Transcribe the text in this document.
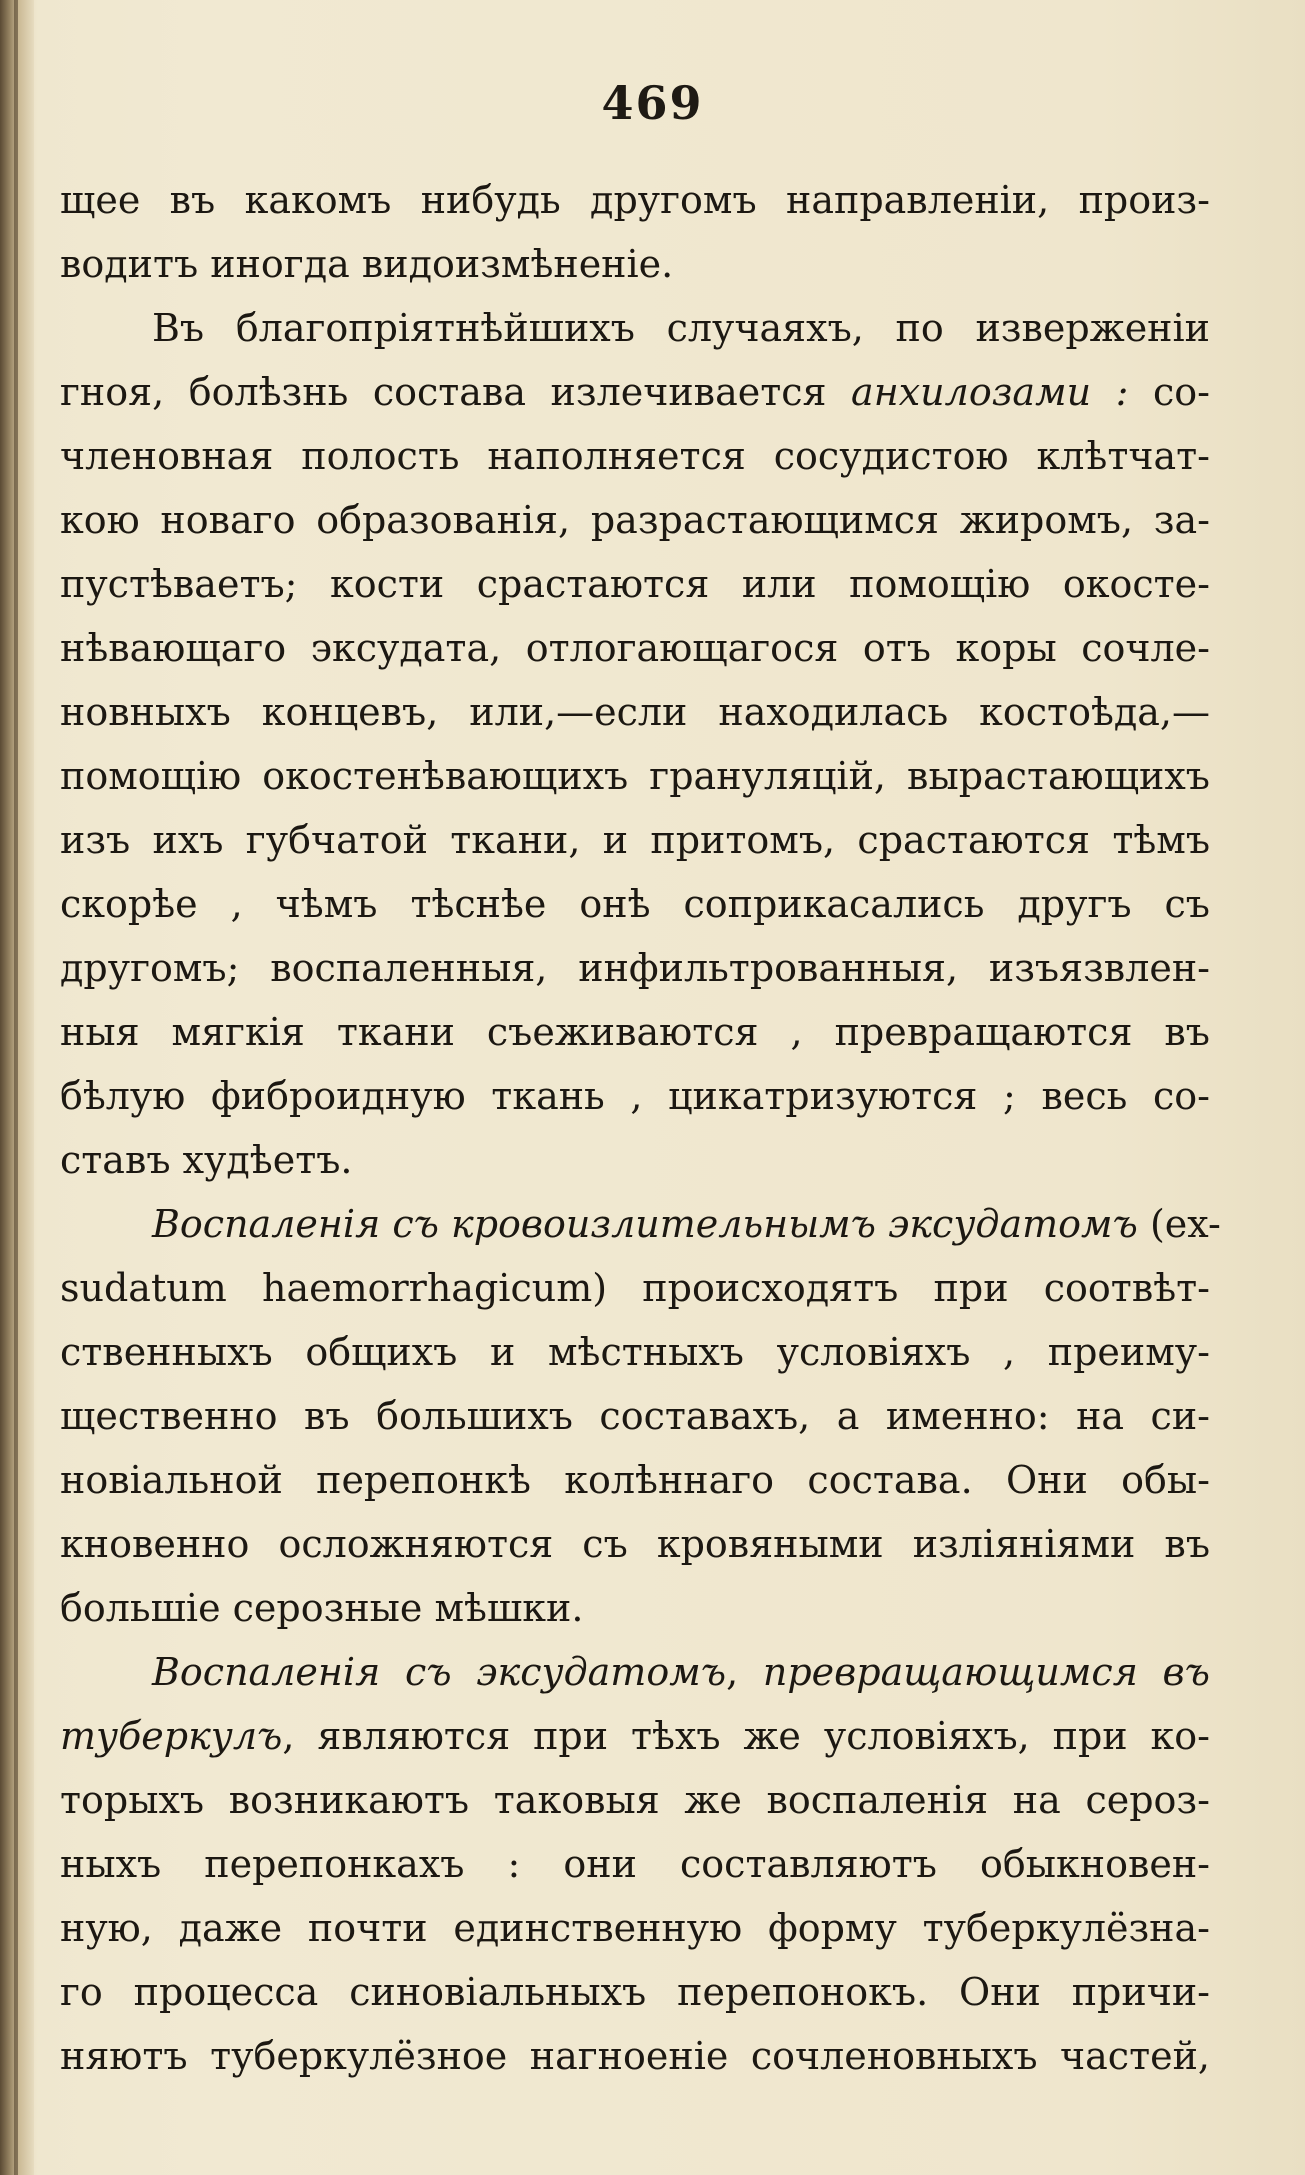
469
щее въ какомъ нибудь другомъ направленіи, произ-
водитъ иногда видоизмѣненіе.
Въ благопріятнѣйшихъ случаяхъ, по изверженіи
гноя, болѣзнь состава излечивается анхилозами : со-
членовная полость наполняется сосудистою клѣтчат-
кою новаго образованія, разрастающимся жиромъ, за-
пустѣваетъ; кости срастаются или помощію окосте-
нѣвающаго эксудата, отлогающагося отъ коры сочле-
новныхъ концевъ, или,—если находилась костоѣда,—
помощію окостенѣвающихъ грануляцій, вырастающихъ
изъ ихъ губчатой ткани, и притомъ, срастаются тѣмъ
скорѣе , чѣмъ тѣснѣе онѣ соприкасались другъ съ
другомъ; воспаленныя, инфильтрованныя, изъязвлен-
ныя мягкія ткани съеживаются , превращаются въ
бѣлую фиброидную ткань , цикатризуются ; весь со-
ставъ худѣетъ.
Воспаленія съ кровоизлительнымъ эксудатомъ (ex-
sudatum haemorrhagicum) происходятъ при соотвѣт-
ственныхъ общихъ и мѣстныхъ условіяхъ , преиму-
щественно въ большихъ составахъ, а именно: на си-
новіальной перепонкѣ колѣннаго состава. Они обы-
кновенно осложняются съ кровяными изліяніями въ
большіе серозные мѣшки.
Воспаленія съ эксудатомъ, превращающимся въ
туберкулъ, являются при тѣхъ же условіяхъ, при ко-
торыхъ возникаютъ таковыя же воспаленія на сероз-
ныхъ перепонкахъ : они составляютъ обыкновен-
ную, даже почти единственную форму туберкулёзна-
го процесса синовіальныхъ перепонокъ. Они причи-
няютъ туберкулёзное нагноеніе сочленовныхъ частей,
